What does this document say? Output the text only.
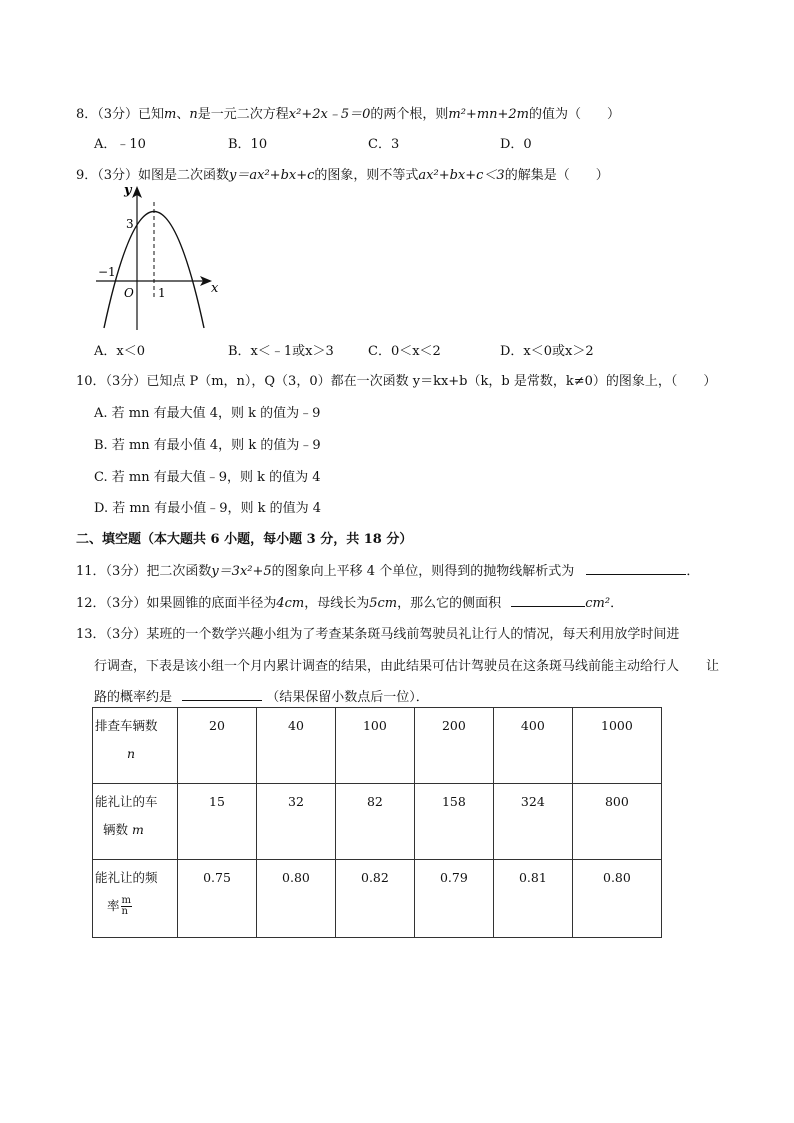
8．（3分）已知m、n是一元二次方程x²+2x﹣5＝0的两个根，则m²+mn+2m的值为（　　）
A．﹣10	B．10	C．3	D．0
9．（3分）如图是二次函数y＝ax²+bx+c的图象，则不等式ax²+bx+c＜3的解集是（　　）
y
x
O
3
−1
1
A．x＜0	B．x＜﹣1或x＞3	C．0＜x＜2	D．x＜0或x＞2
10．（3分）已知点 P（m，n），Q（3，0）都在一次函数 y＝kx+b（k，b 是常数，k≠0）的图象上，（　　）
A. 若 mn 有最大值 4，则 k 的值为﹣9
B. 若 mn 有最小值 4，则 k 的值为﹣9
C. 若 mn 有最大值﹣9，则 k 的值为 4
D. 若 mn 有最小值﹣9，则 k 的值为 4
二、填空题（本大题共 6 小题，每小题 3 分，共 18 分）
11．（3分）把二次函数y＝3x²+5的图象向上平移 4 个单位，则得到的抛物线解析式为	．
12．（3分）如果圆锥的底面半径为4cm，母线长为5cm，那么它的侧面积	cm²．
13．（3分）某班的一个数学兴趣小组为了考查某条斑马线前驾驶员礼让行人的情况，每天利用放学时间进
行调查，下表是该小组一个月内累计调查的结果，由此结果可估计驾驶员在这条斑马线前能主动给行人 让
路的概率约是	（结果保留小数点后一位）．
排查车辆数
n	20	40	100	200	400	1000
能礼让的车
辆数 m	15	32	82	158	324	800
能礼让的频
率 $\frac{m}{n}$	0.75	0.80	0.82	0.79	0.81	0.80
